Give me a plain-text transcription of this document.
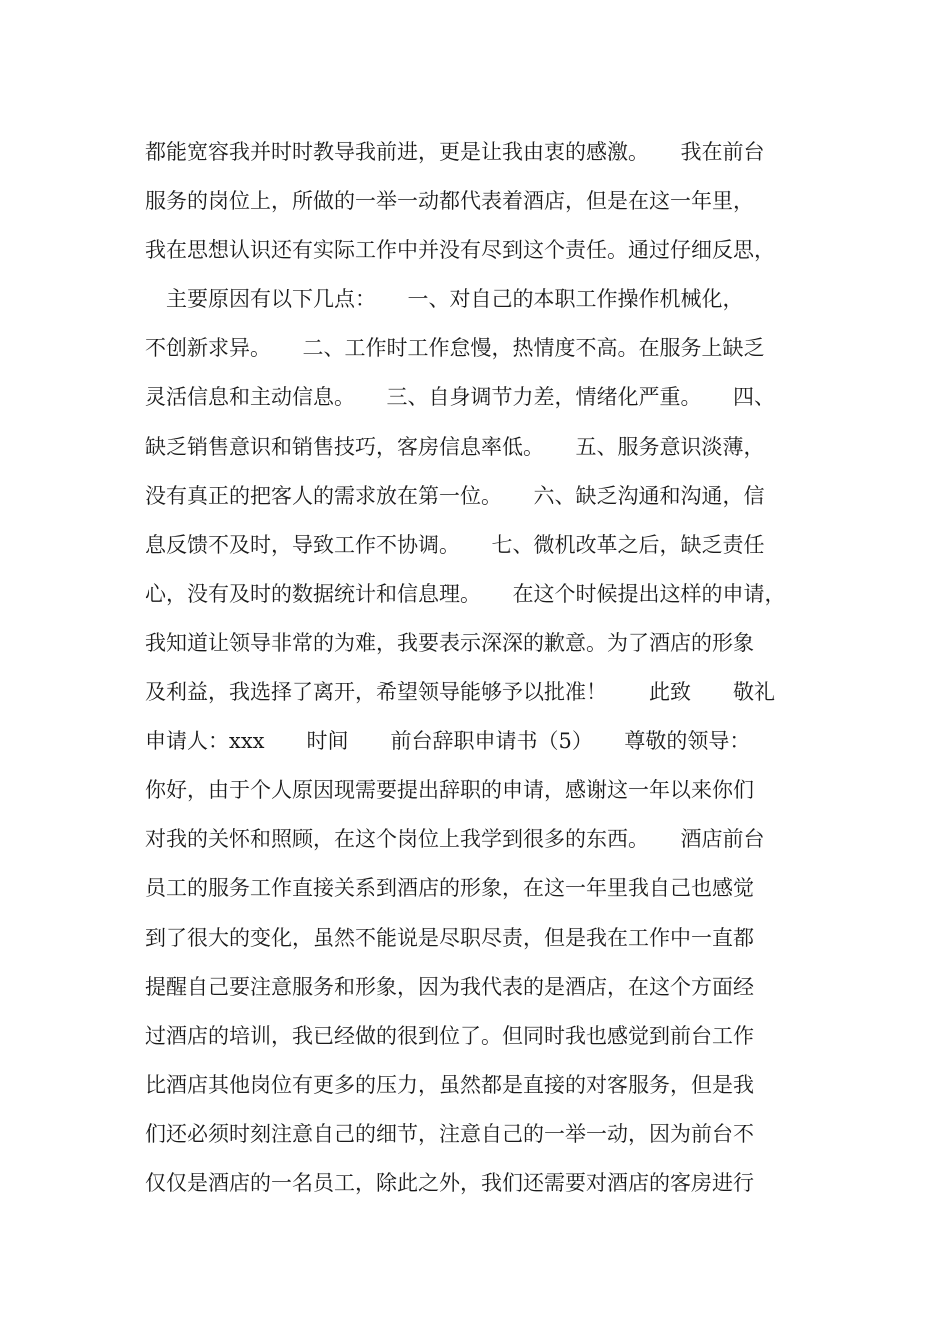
都能宽容我并时时教导我前进，更是让我由衷的感激。　　我在前台
服务的岗位上，所做的一举一动都代表着酒店，但是在这一年里，
我在思想认识还有实际工作中并没有尽到这个责任。通过仔细反思，
　主要原因有以下几点：　　一、对自己的本职工作操作机械化，
不创新求异。　　二、工作时工作怠慢，热情度不高。在服务上缺乏
灵活信息和主动信息。　　三、自身调节力差，情绪化严重。　　四、
缺乏销售意识和销售技巧，客房信息率低。　　五、服务意识淡薄，
没有真正的把客人的需求放在第一位。　　六、缺乏沟通和沟通，信
息反馈不及时，导致工作不协调。　　七、微机改革之后，缺乏责任
心，没有及时的数据统计和信息理。　　在这个时候提出这样的申请，
我知道让领导非常的为难，我要表示深深的歉意。为了酒店的形象
及利益，我选择了离开，希望领导能够予以批准！　　此致　　敬礼
申请人：xxx　　时间　　前台辞职申请书（5）　　尊敬的领导：
你好，由于个人原因现需要提出辞职的申请，感谢这一年以来你们
对我的关怀和照顾，在这个岗位上我学到很多的东西。　　酒店前台
员工的服务工作直接关系到酒店的形象，在这一年里我自己也感觉
到了很大的变化，虽然不能说是尽职尽责，但是我在工作中一直都
提醒自己要注意服务和形象，因为我代表的是酒店，在这个方面经
过酒店的培训，我已经做的很到位了。但同时我也感觉到前台工作
比酒店其他岗位有更多的压力，虽然都是直接的对客服务，但是我
们还必须时刻注意自己的细节，注意自己的一举一动，因为前台不
仅仅是酒店的一名员工，除此之外，我们还需要对酒店的客房进行
